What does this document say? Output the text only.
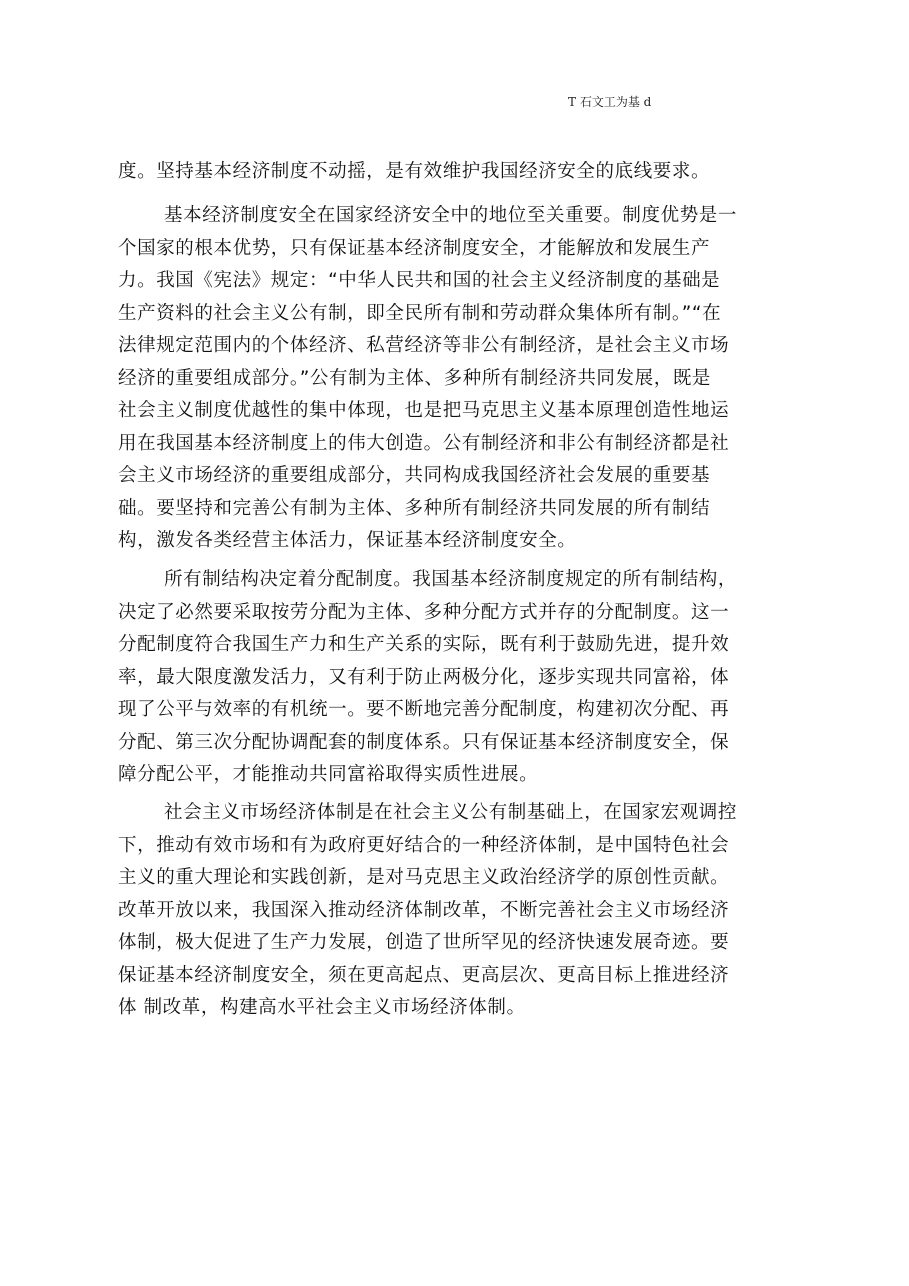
T 石文工为基 d
度。坚持基本经济制度不动摇，是有效维护我国经济安全的底线要求。
基本经济制度安全在国家经济安全中的地位至关重要。制度优势是一
个国家的根本优势，只有保证基本经济制度安全，才能解放和发展生产
力。我国《宪法》规定：“中华人民共和国的社会主义经济制度的基础是
生产资料的社会主义公有制，即全民所有制和劳动群众集体所有制。”“在
法律规定范围内的个体经济、私营经济等非公有制经济，是社会主义市场
经济的重要组成部分。”公有制为主体、多种所有制经济共同发展，既是
社会主义制度优越性的集中体现，也是把马克思主义基本原理创造性地运
用在我国基本经济制度上的伟大创造。公有制经济和非公有制经济都是社
会主义市场经济的重要组成部分，共同构成我国经济社会发展的重要基
础。要坚持和完善公有制为主体、多种所有制经济共同发展的所有制结
构，激发各类经营主体活力，保证基本经济制度安全。
所有制结构决定着分配制度。我国基本经济制度规定的所有制结构，
决定了必然要采取按劳分配为主体、多种分配方式并存的分配制度。这一
分配制度符合我国生产力和生产关系的实际，既有利于鼓励先进，提升效
率，最大限度激发活力，又有利于防止两极分化，逐步实现共同富裕，体
现了公平与效率的有机统一。要不断地完善分配制度，构建初次分配、再
分配、第三次分配协调配套的制度体系。只有保证基本经济制度安全，保
障分配公平，才能推动共同富裕取得实质性进展。
社会主义市场经济体制是在社会主义公有制基础上，在国家宏观调控
下，推动有效市场和有为政府更好结合的一种经济体制，是中国特色社会
主义的重大理论和实践创新，是对马克思主义政治经济学的原创性贡献。
改革开放以来，我国深入推动经济体制改革，不断完善社会主义市场经济
体制，极大促进了生产力发展，创造了世所罕见的经济快速发展奇迹。要
保证基本经济制度安全，须在更高起点、更高层次、更高目标上推进经济
体 制改革，构建高水平社会主义市场经济体制。
